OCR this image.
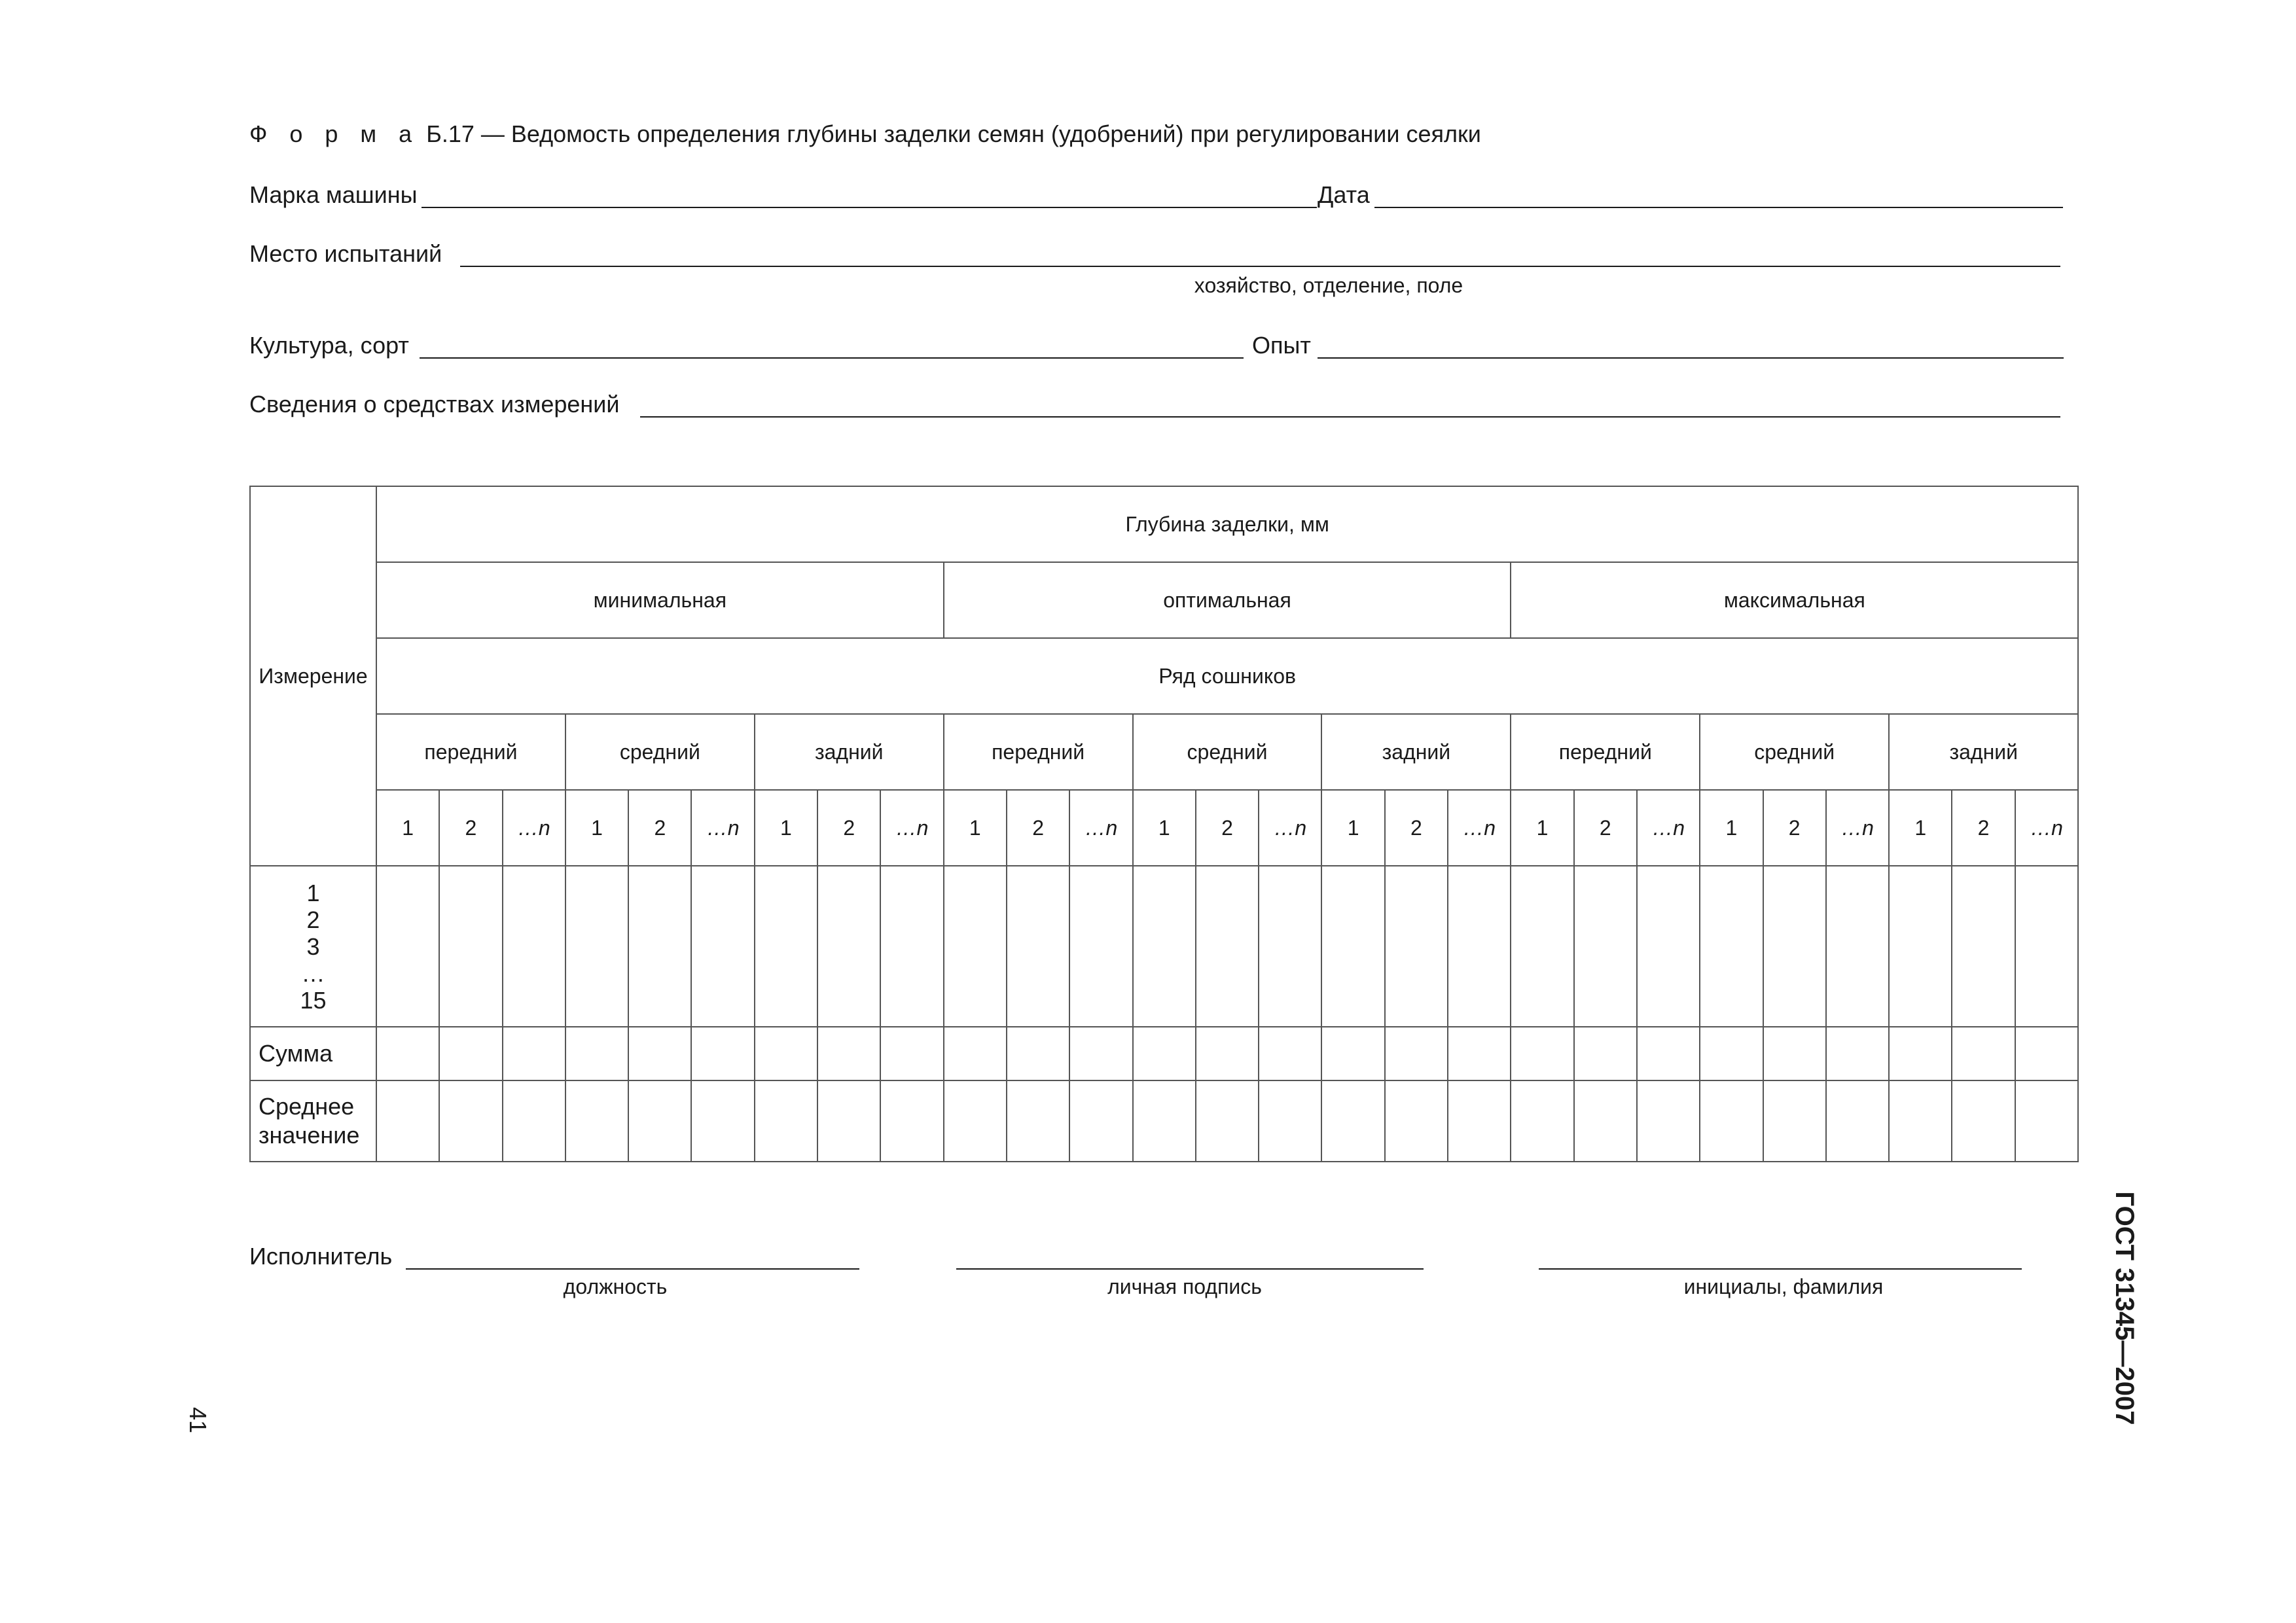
Ф о р м а Б.17 — Ведомость определения глубины заделки семян (удобрений) при регулировании сеялки
Марка машины	Дата
Место испытаний
хозяйство, отделение, поле
Культура, сорт	Опыт
Сведения о средствах измерений
Измерение	Глубина заделки, мм																										
	минимальная									оптимальная									максимальная								
	Ряд сошников																										
	передний			средний			задний			передний			средний			задний			передний			средний			задний		
	1	2	…n	1	2	…n	1	2	…n	1	2	…n	1	2	…n	1	2	…n	1	2	…n	1	2	…n	1	2	…n

1
2
3
…
15																											

Сумма																											
Среднее значение																											
Исполнитель
должность	личная подпись	инициалы, фамилия
41	ГОСТ 31345—2007
